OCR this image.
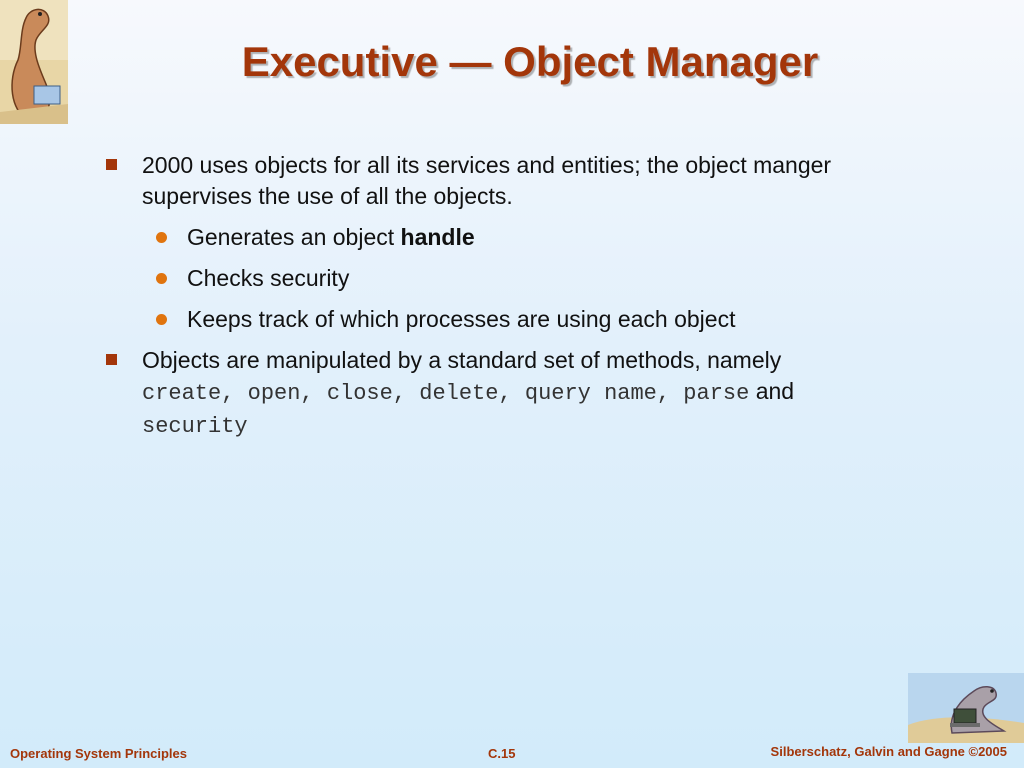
Executive — Object Manager
2000 uses objects for all its services and entities; the object manger supervises the use of all the objects.
Generates an object handle
Checks security
Keeps track of which processes are using each object
Objects are manipulated by a standard set of methods, namely
create, open, close, delete, query name, parse and
security
Operating System Principles	C.15	Silberschatz, Galvin and Gagne ©2005
